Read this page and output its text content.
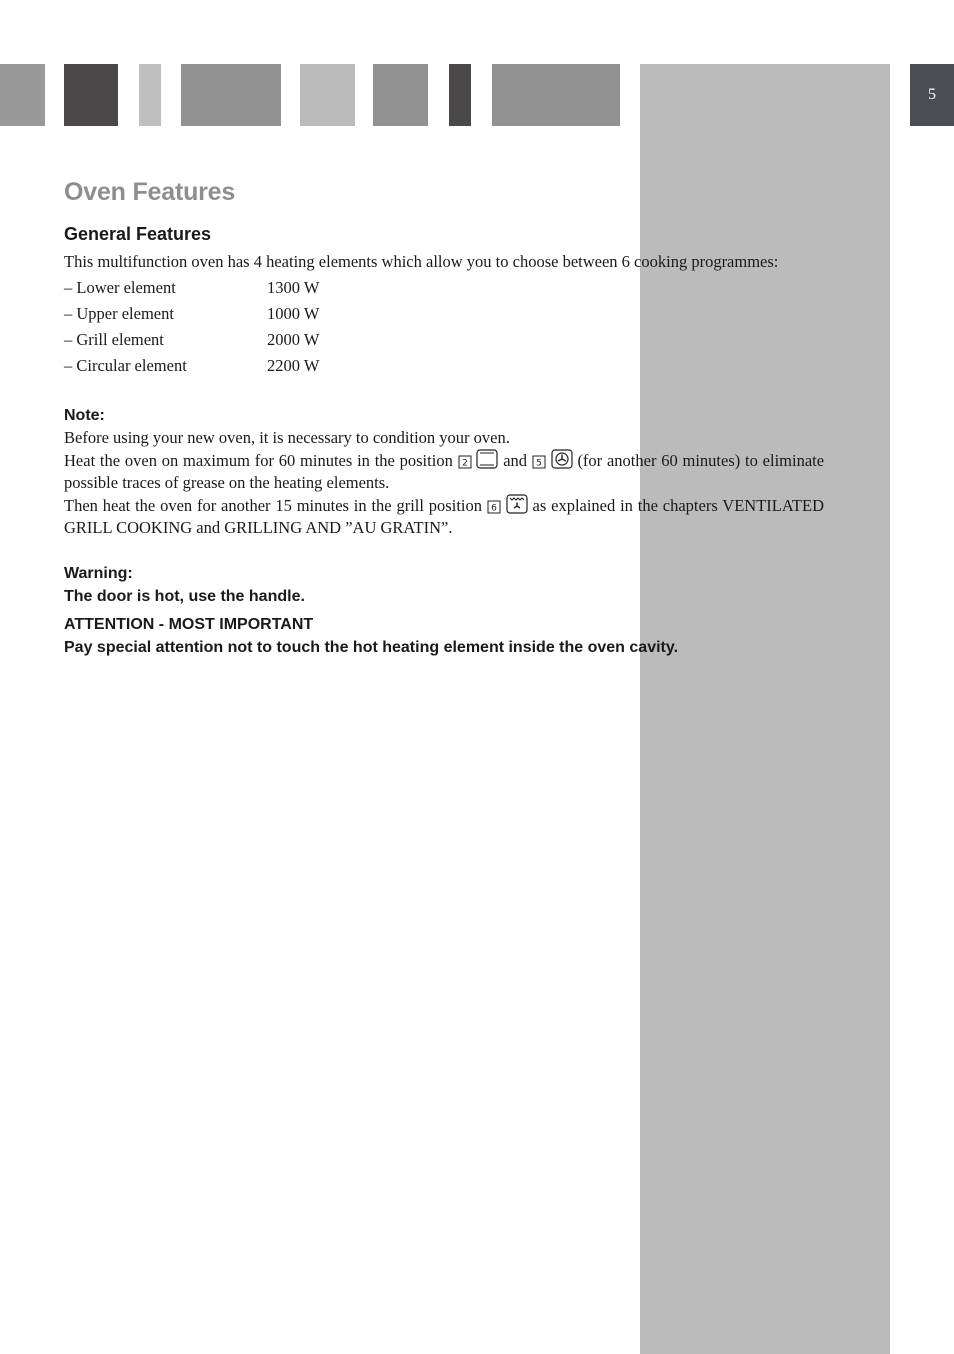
5
Oven Features
General Features

This multifunction oven has 4 heating elements which allow you to choose between 6 cooking programmes:

– Lower element	1300 W
– Upper element	1000 W
– Grill element	2000 W
– Circular element	2200 W
Note:

Before using your new oven, it is necessary to condition your oven.

Heat the oven on maximum for 60 minutes in the position 2 and 5 (for another 60 minutes) to eliminate possible traces of grease on the heating elements.

Then heat the oven for another 15 minutes in the grill position 6 as explained in the chapters VENTILATED GRILL COOKING and GRILLING AND ”AU GRATIN”.

Warning:
The door is hot, use the handle.
ATTENTION - MOST IMPORTANT
Pay special attention not to touch the hot heating element inside the oven cavity.
